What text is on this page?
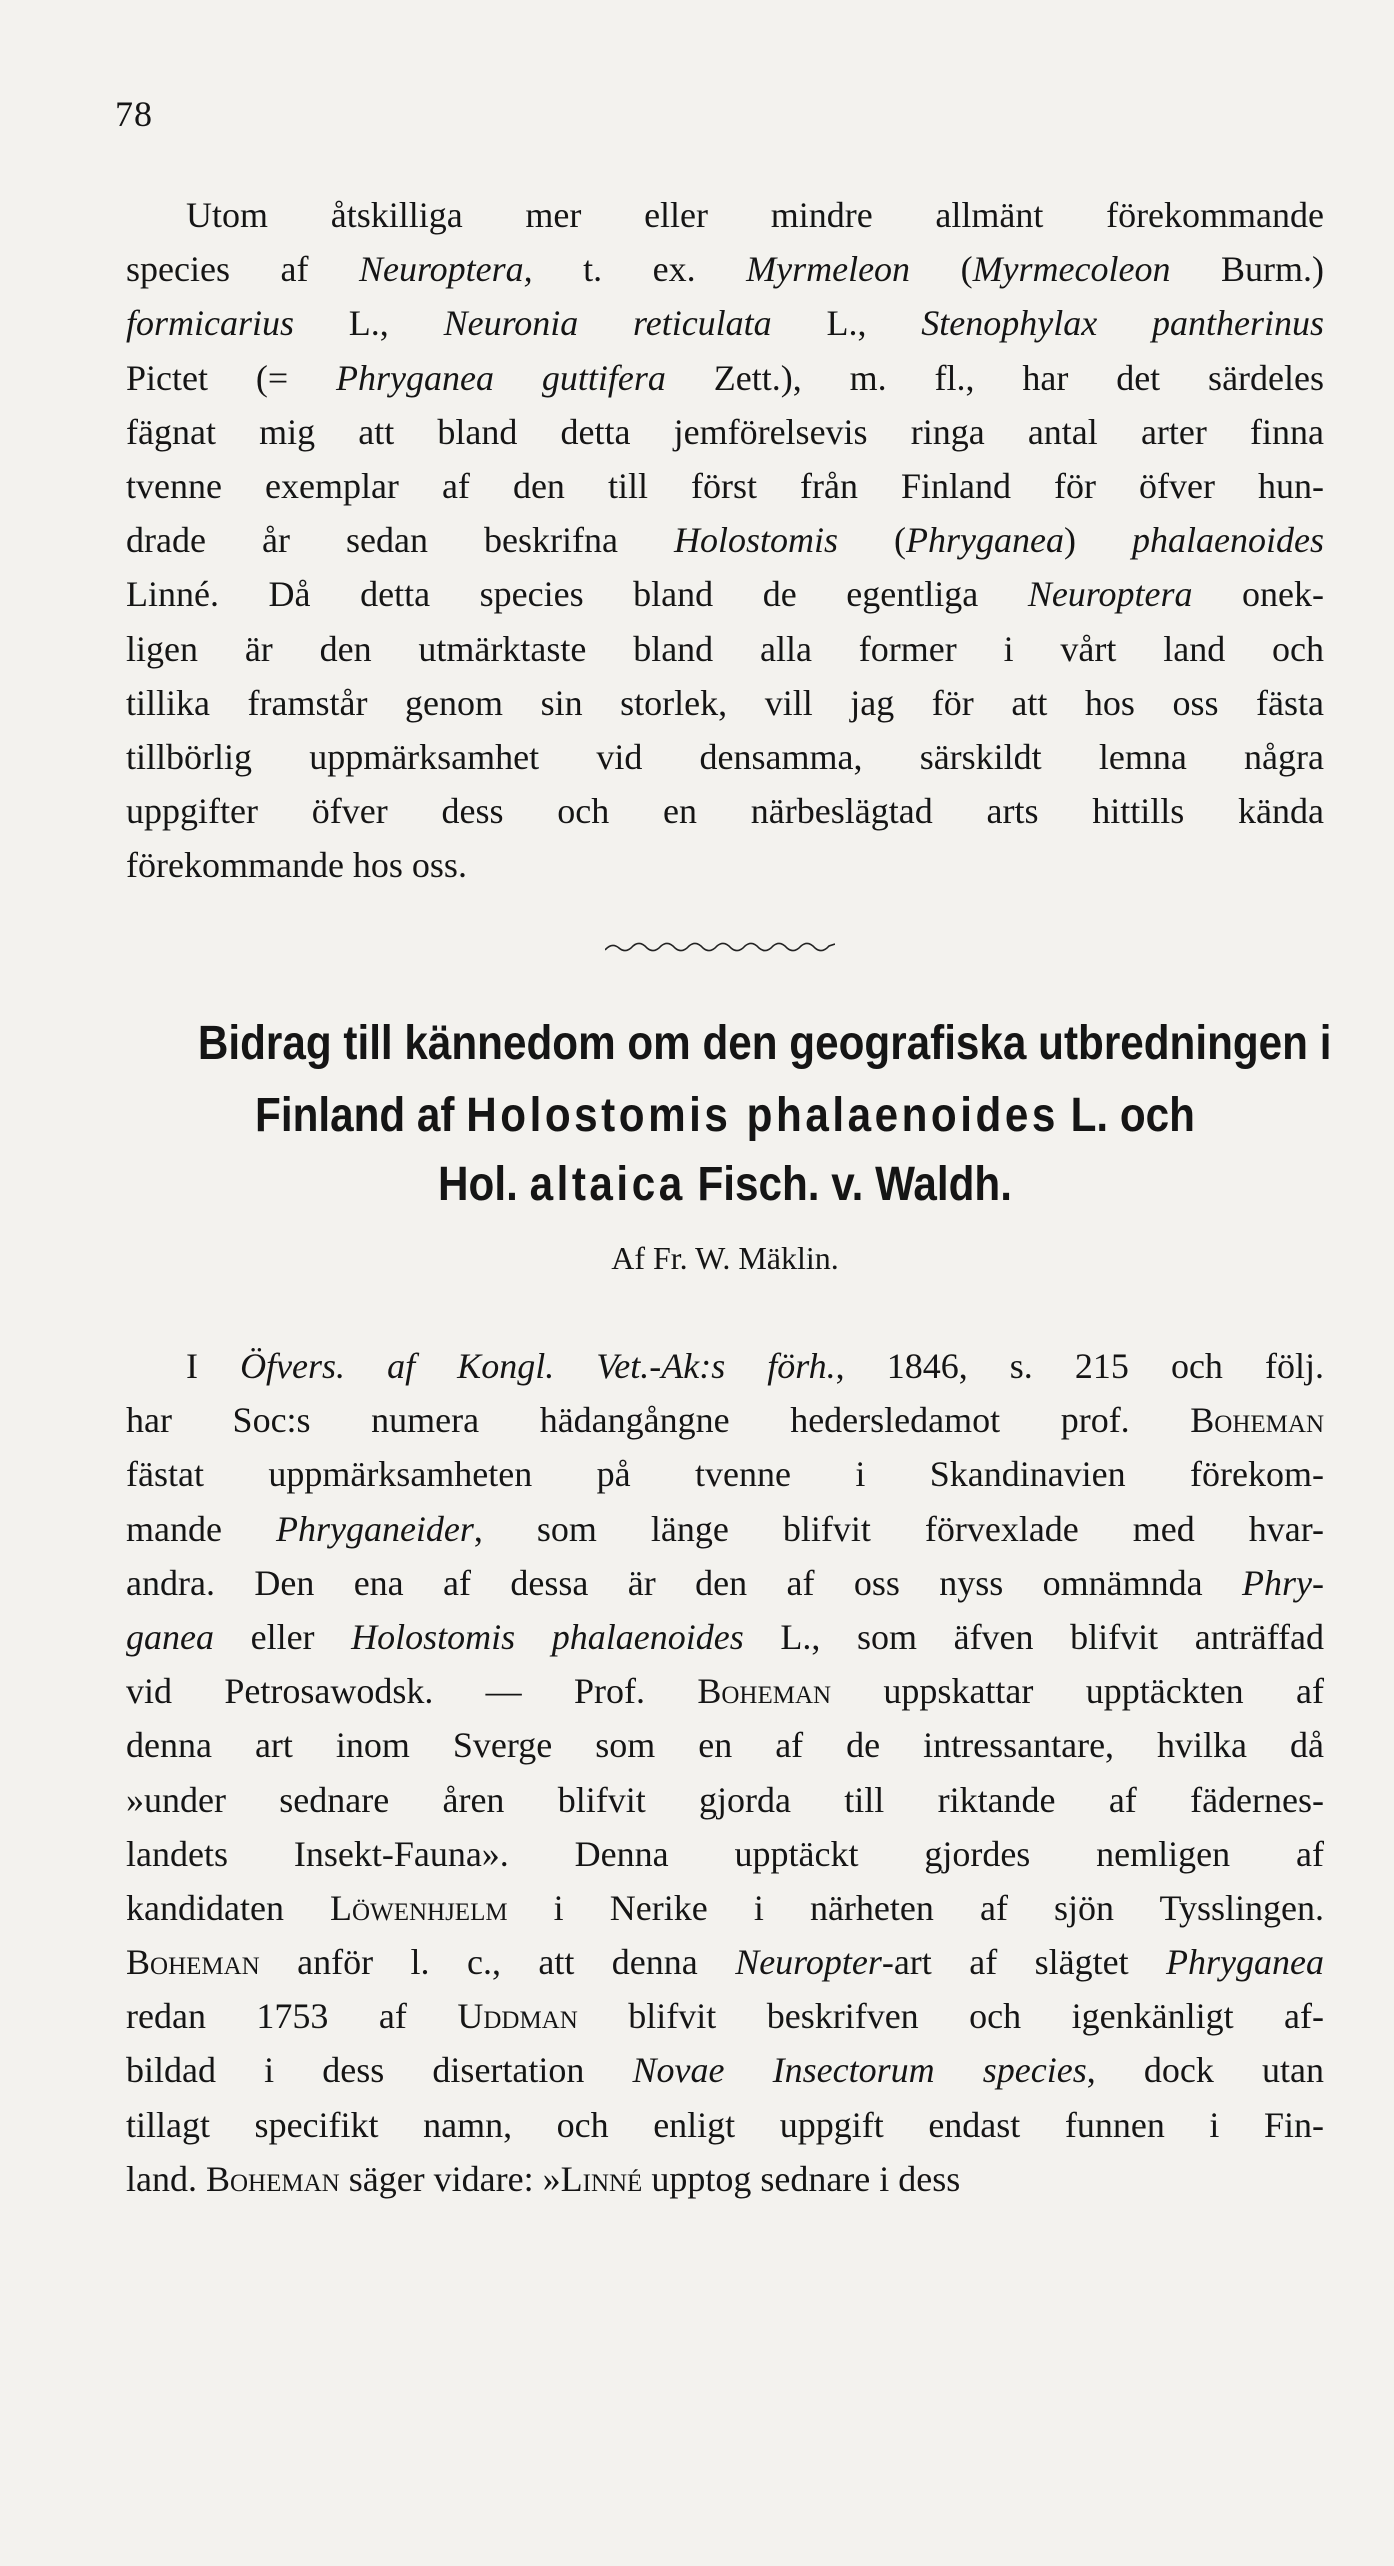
78
Utom åtskilliga mer eller mindre allmänt förekommande
species af Neuroptera, t. ex. Myrmeleon (Myrmecoleon Burm.)
formicarius L., Neuronia reticulata L., Stenophylax pantherinus
Pictet (= Phryganea guttifera Zett.), m. fl., har det särdeles
fägnat mig att bland detta jemförelsevis ringa antal arter finna
tvenne exemplar af den till först från Finland för öfver hun-
drade år sedan beskrifna Holostomis (Phryganea) phalaenoides
Linné. Då detta species bland de egentliga Neuroptera onek-
ligen är den utmärktaste bland alla former i vårt land och
tillika framstår genom sin storlek, vill jag för att hos oss fästa
tillbörlig uppmärksamhet vid densamma, särskildt lemna några
uppgifter öfver dess och en närbeslägtad arts hittills kända
förekommande hos oss.
Bidrag till kännedom om den geografiska utbredningen i
Finland af Holostomis phalaenoides L. och
Hol. altaica Fisch. v. Waldh.
Af Fr. W. Mäklin.
I Öfvers. af Kongl. Vet.-Ak:s förh., 1846, s. 215 och följ.
har Soc:s numera hädangångne hedersledamot prof. Boheman
fästat uppmärksamheten på tvenne i Skandinavien förekom-
mande Phryganeider, som länge blifvit förvexlade med hvar-
andra. Den ena af dessa är den af oss nyss omnämnda Phry-
ganea eller Holostomis phalaenoides L., som äfven blifvit anträffad
vid Petrosawodsk. — Prof. Boheman uppskattar upptäckten af
denna art inom Sverge som en af de intressantare, hvilka då
»under sednare åren blifvit gjorda till riktande af fädernes-
landets Insekt-Fauna». Denna upptäckt gjordes nemligen af
kandidaten Löwenhjelm i Nerike i närheten af sjön Tysslingen.
Boheman anför l. c., att denna Neuropter-art af slägtet Phryganea
redan 1753 af Uddman blifvit beskrifven och igenkänligt af-
bildad i dess disertation Novae Insectorum species, dock utan
tillagt specifikt namn, och enligt uppgift endast funnen i Fin-
land. Boheman säger vidare: »Linné upptog sednare i dess
